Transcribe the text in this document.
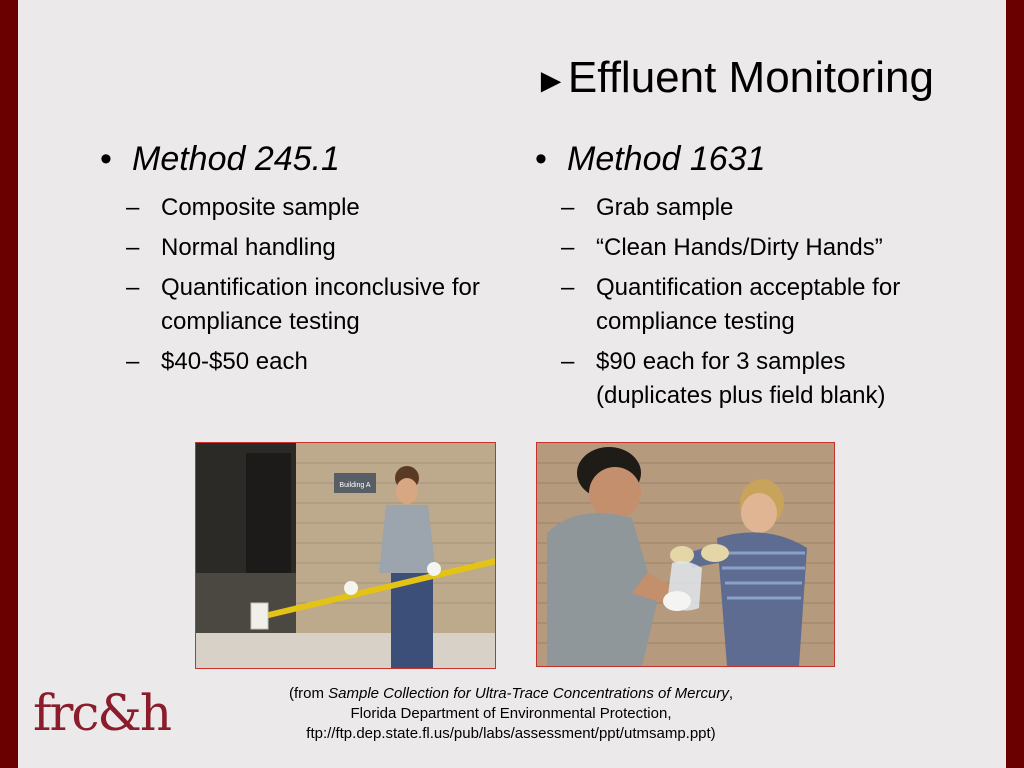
►Effluent Monitoring
• Method 245.1
– Composite sample
– Normal handling
– Quantification inconclusive for compliance testing
– $40-$50 each
• Method 1631
– Grab sample
– “Clean Hands/Dirty Hands”
– Quantification acceptable for compliance testing
– $90 each for 3 samples (duplicates plus field blank)
Building A
(from Sample Collection for Ultra-Trace Concentrations of Mercury,
Florida Department of Environmental Protection,
ftp://ftp.dep.state.fl.us/pub/labs/assessment/ppt/utmsamp.ppt)
frc&h
